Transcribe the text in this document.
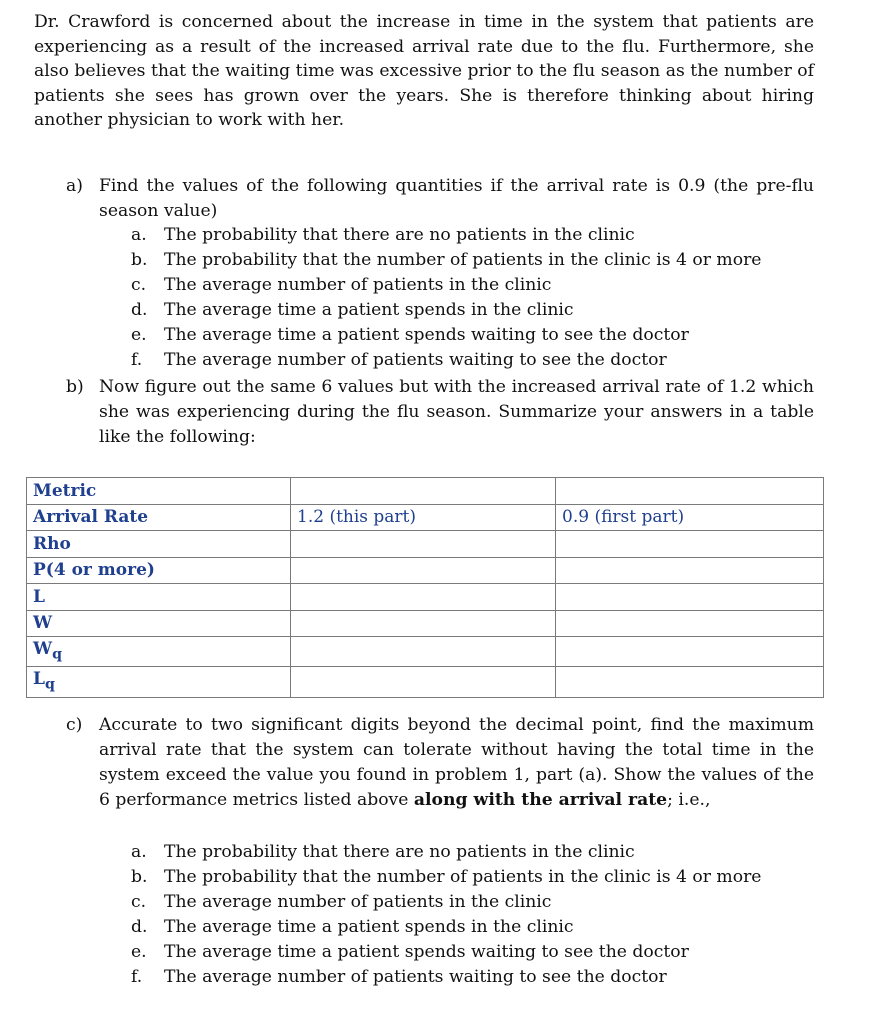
Dr. Crawford is concerned about the increase in time in the system that patients are experiencing as a result of the increased arrival rate due to the flu. Furthermore, she also believes that the waiting time was excessive prior to the flu season as the number of patients she sees has grown over the years. She is therefore thinking about hiring another physician to work with her.

a) Find the values of the following quantities if the arrival rate is 0.9 (the pre-flu season value)
a. The probability that there are no patients in the clinic
b. The probability that the number of patients in the clinic is 4 or more
c. The average number of patients in the clinic
d. The average time a patient spends in the clinic
e. The average time a patient spends waiting to see the doctor
f. The average number of patients waiting to see the doctor
b) Now figure out the same 6 values but with the increased arrival rate of 1.2 which she was experiencing during the flu season. Summarize your answers in a table like the following:
Metric		
Arrival Rate	1.2 (this part)	0.9 (first part)
Rho		
P(4 or more)		
L		
W		
$W_q$		
$L_q$		
c) Accurate to two significant digits beyond the decimal point, find the maximum arrival rate that the system can tolerate without having the total time in the system exceed the value you found in problem 1, part (a). Show the values of the 6 performance metrics listed above along with the arrival rate; i.e.,
a. The probability that there are no patients in the clinic
b. The probability that the number of patients in the clinic is 4 or more
c. The average number of patients in the clinic
d. The average time a patient spends in the clinic
e. The average time a patient spends waiting to see the doctor
f. The average number of patients waiting to see the doctor
